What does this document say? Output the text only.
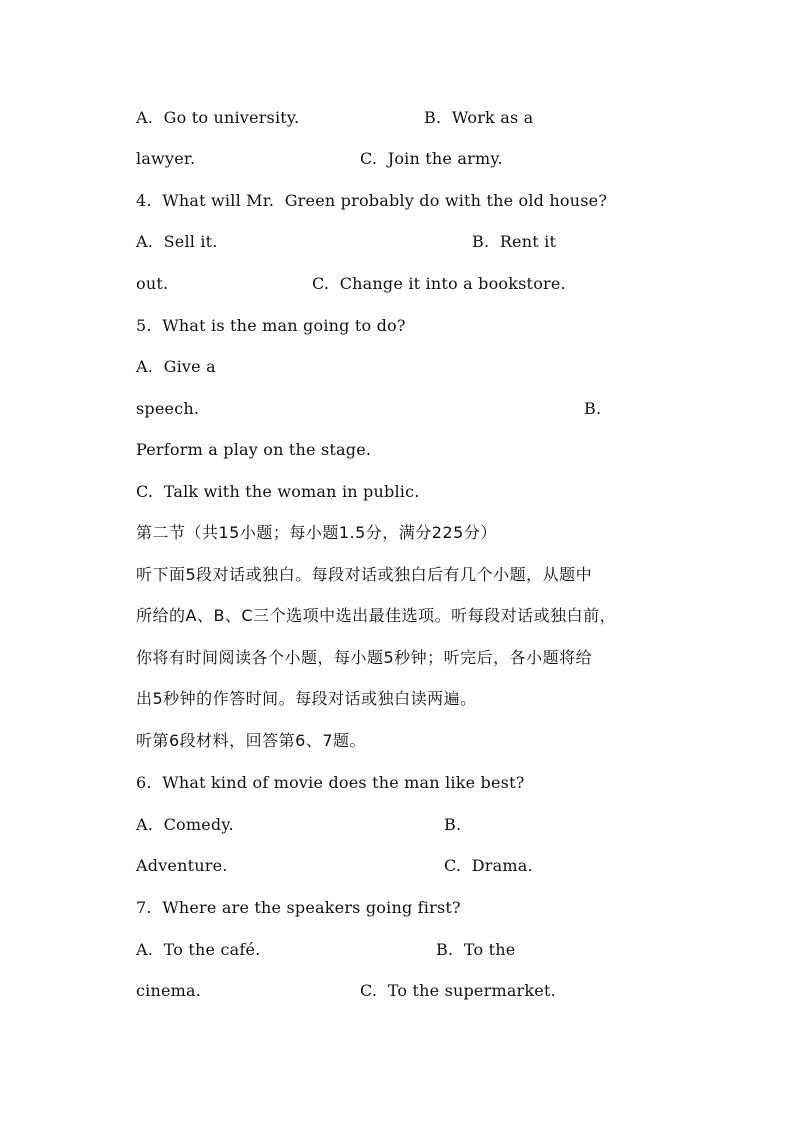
A.  Go to university.	B.  Work as a
lawyer.	C.  Join the army.
4.  What will Mr.  Green probably do with the old house?
A.  Sell it.	B.  Rent it
out.	C.  Change it into a bookstore.
5.  What is the man going to do?
A.  Give a
speech.	B.
Perform a play on the stage.
C.  Talk with the woman in public.
第二节（共15小题；每小题1.5分，满分225分）
听下面5段对话或独白。每段对话或独白后有几个小题，从题中
所给的A、B、C三个选项中选出最佳选项。听每段对话或独白前，
你将有时间阅读各个小题，每小题5秒钟；听完后，各小题将给
出5秒钟的作答时间。每段对话或独白读两遍。
听第6段材料，回答第6、7题。
6.  What kind of movie does the man like best?
A.  Comedy.	B.
Adventure.	C.  Drama.
7.  Where are the speakers going first?
A.  To the café.	B.  To the
cinema.	C.  To the supermarket.
